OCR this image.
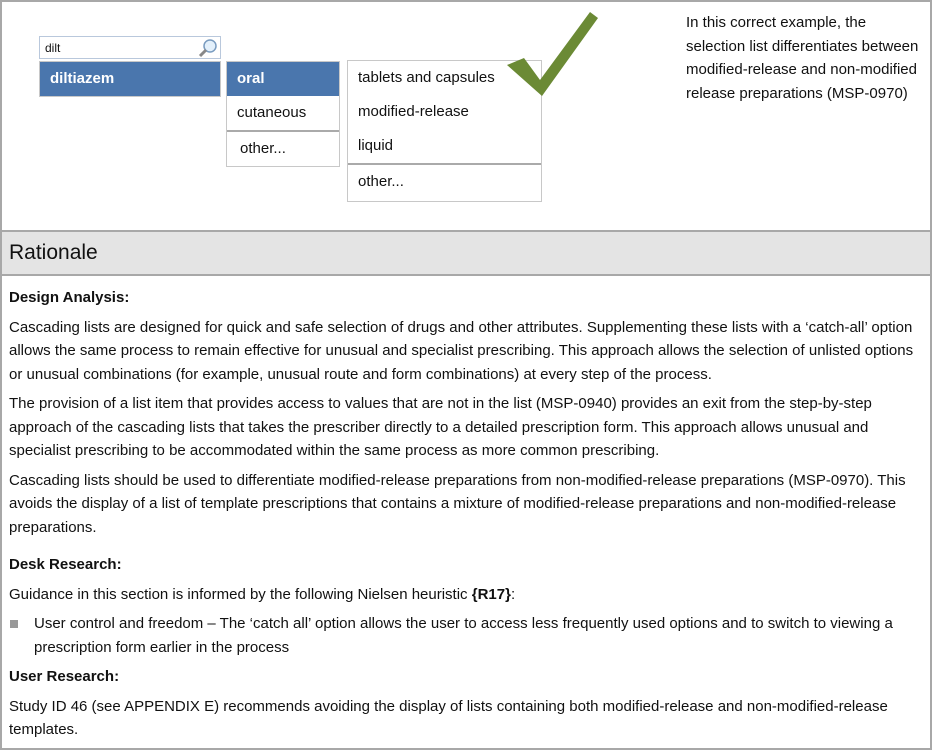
dilt
diltiazem	oral
cutaneous
other...
tablets and capsules
modified-release
liquid
other...
In this correct example, the selection list differentiates between modified-release and non-modified release preparations (MSP-0970)
Rationale
Design Analysis:

Cascading lists are designed for quick and safe selection of drugs and other attributes. Supplementing these lists with a ‘catch-all’ option allows the same process to remain effective for unusual and specialist prescribing. This approach allows the selection of unlisted options or unusual combinations (for example, unusual route and form combinations) at every step of the process.

The provision of a list item that provides access to values that are not in the list (MSP-0940) provides an exit from the step-by-step approach of the cascading lists that takes the prescriber directly to a detailed prescription form. This approach allows unusual and specialist prescribing to be accommodated within the same process as more common prescribing.

Cascading lists should be used to differentiate modified-release preparations from non-modified-release preparations (MSP-0970). This avoids the display of a list of template prescriptions that contains a mixture of modified-release preparations and non-modified-release preparations.

Desk Research:

Guidance in this section is informed by the following Nielsen heuristic {R17}:

User control and freedom – The ‘catch all’ option allows the user to access less frequently used options and to switch to viewing a prescription form earlier in the process
User Research:

Study ID 46 (see APPENDIX E) recommends avoiding the display of lists containing both modified-release and non-modified-release templates.
